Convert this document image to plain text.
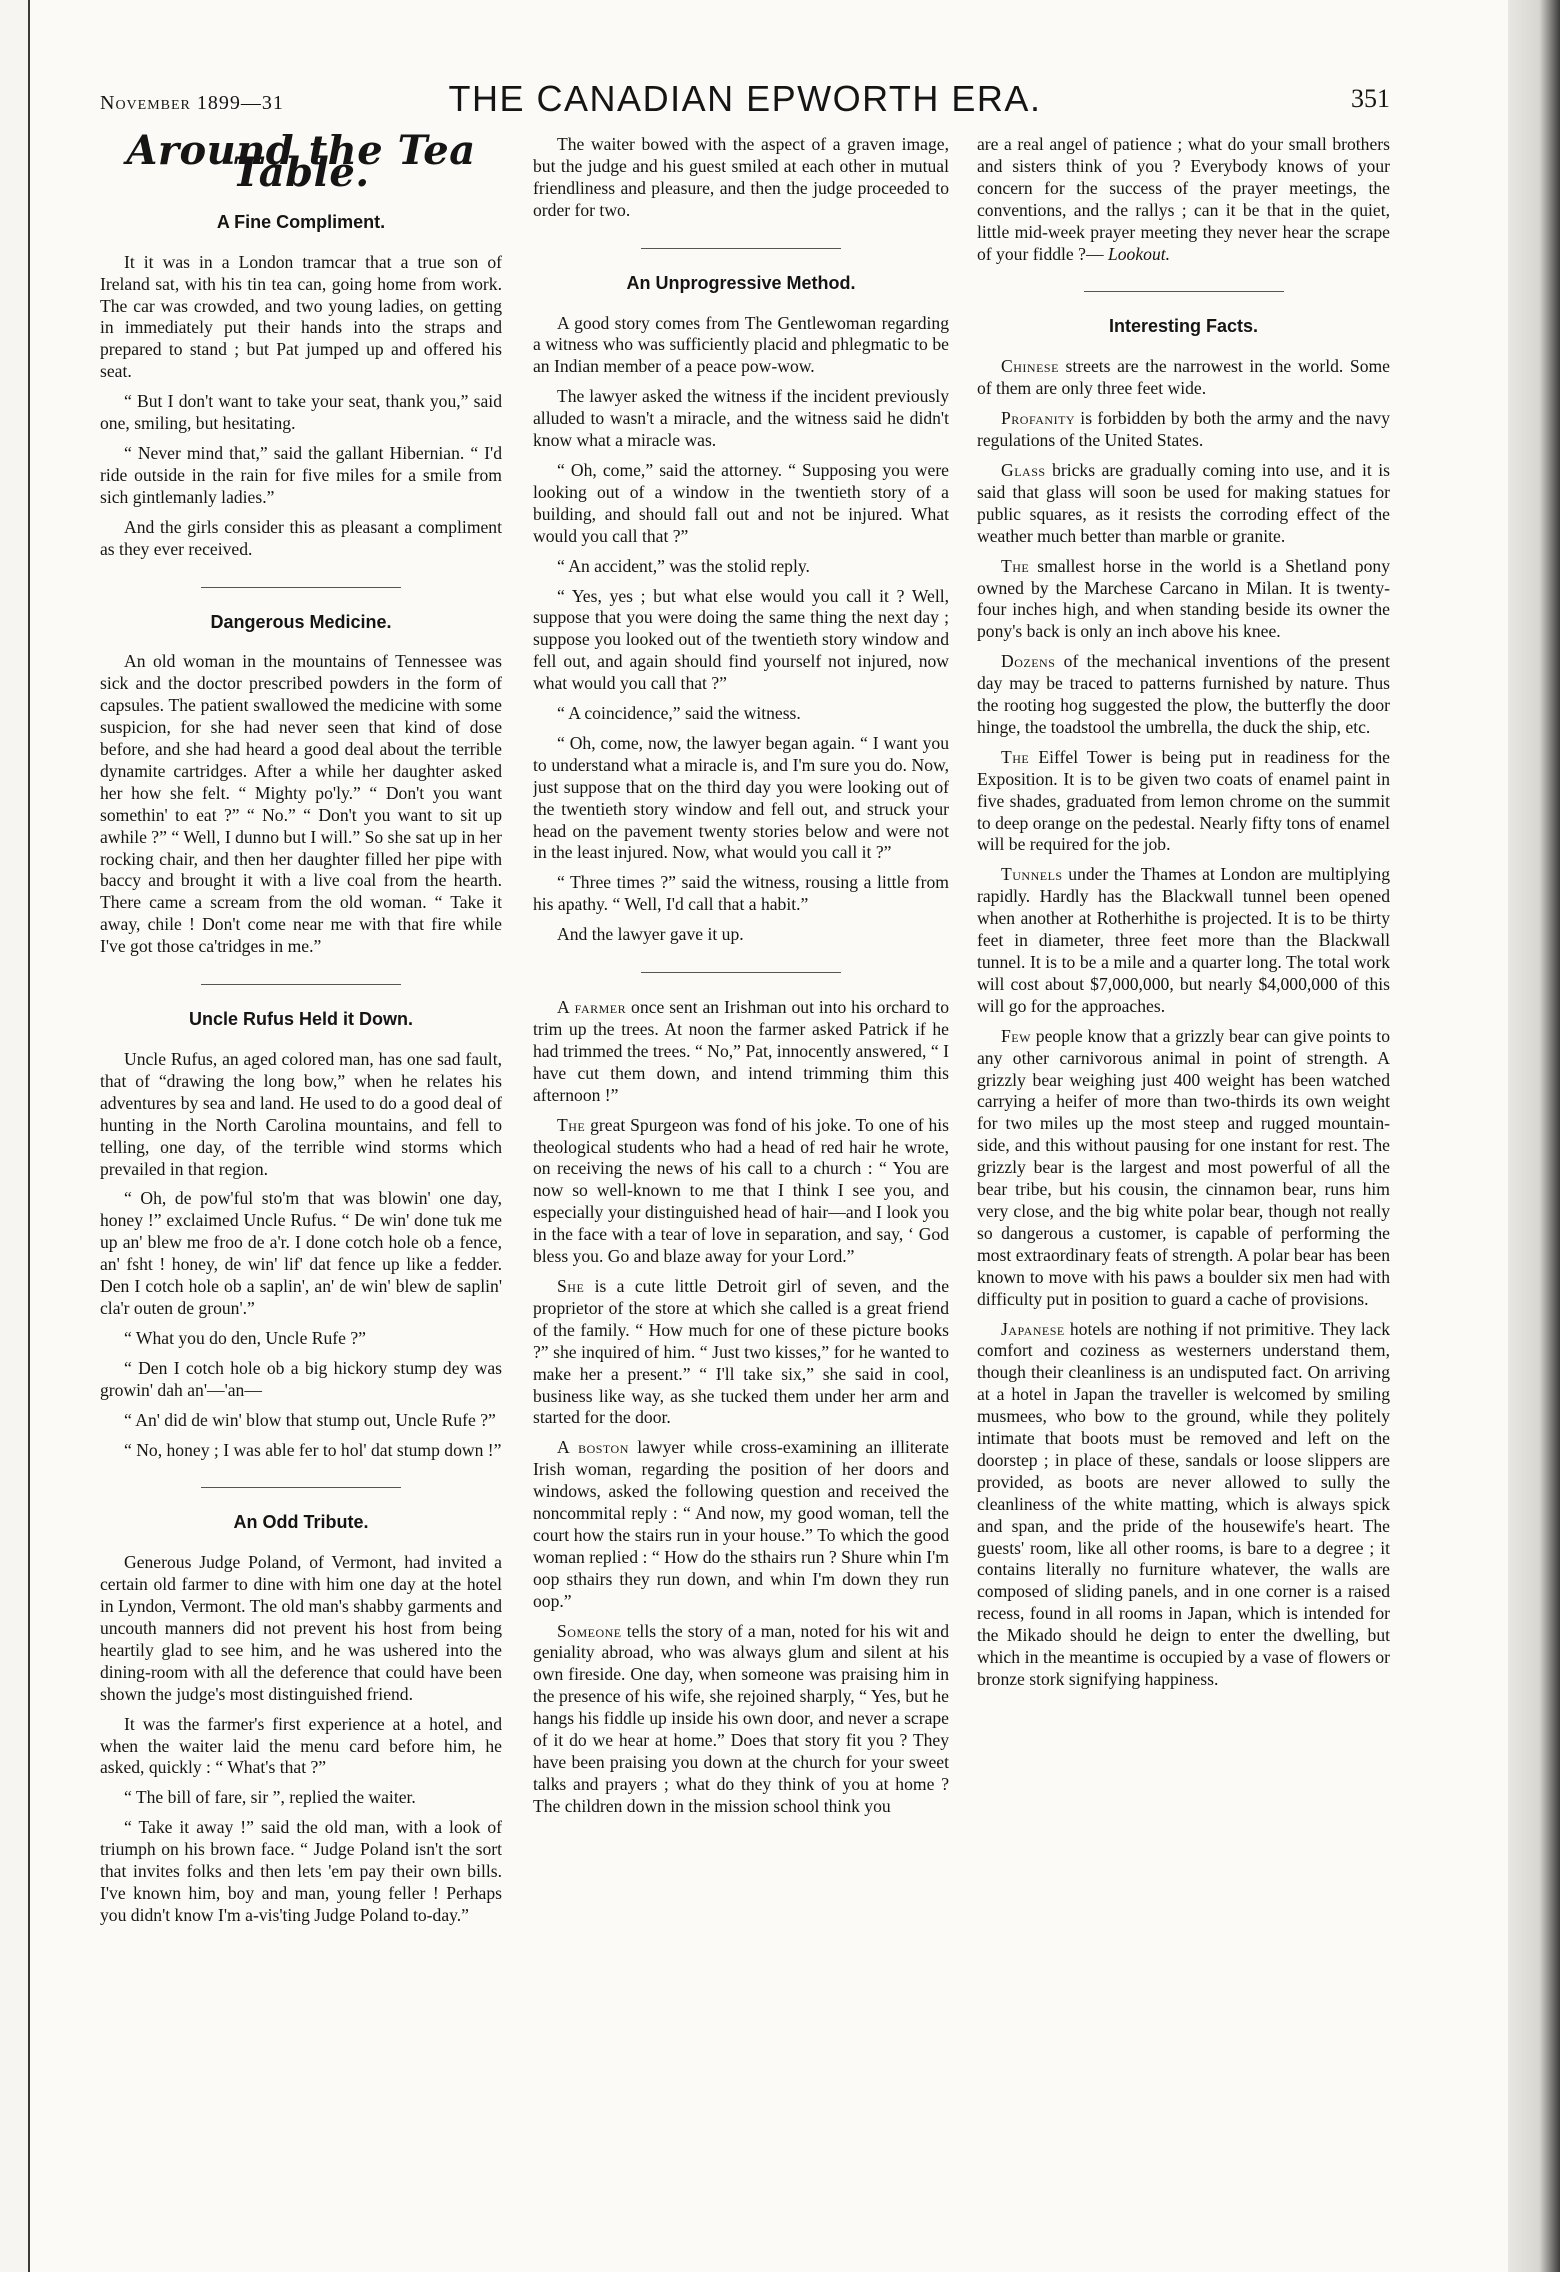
November 1899—31	THE CANADIAN EPWORTH ERA.	351
Around the Tea Table.
A Fine Compliment.

It it was in a London tramcar that a true son of Ireland sat, with his tin tea can, going home from work. The car was crowded, and two young ladies, on getting in immediately put their hands into the straps and prepared to stand ; but Pat jumped up and offered his seat.

“ But I don't want to take your seat, thank you,” said one, smiling, but hesitating.

“ Never mind that,” said the gallant Hibernian. “ I'd ride outside in the rain for five miles for a smile from sich gintlemanly ladies.”

And the girls consider this as pleasant a compliment as they ever received.

Dangerous Medicine.

An old woman in the mountains of Tennessee was sick and the doctor prescribed powders in the form of capsules. The patient swallowed the medicine with some suspicion, for she had never seen that kind of dose before, and she had heard a good deal about the terrible dynamite cartridges. After a while her daughter asked her how she felt. “ Mighty po'ly.” “ Don't you want somethin' to eat ?” “ No.” “ Don't you want to sit up awhile ?” “ Well, I dunno but I will.” So she sat up in her rocking chair, and then her daughter filled her pipe with baccy and brought it with a live coal from the hearth. There came a scream from the old woman. “ Take it away, chile ! Don't come near me with that fire while I've got those ca'tridges in me.”

Uncle Rufus Held it Down.

Uncle Rufus, an aged colored man, has one sad fault, that of “drawing the long bow,” when he relates his adventures by sea and land. He used to do a good deal of hunting in the North Carolina mountains, and fell to telling, one day, of the terrible wind storms which prevailed in that region.

“ Oh, de pow'ful sto'm that was blowin' one day, honey !” exclaimed Uncle Rufus. “ De win' done tuk me up an' blew me froo de a'r. I done cotch hole ob a fence, an' fsht ! honey, de win' lif' dat fence up like a fedder. Den I cotch hole ob a saplin', an' de win' blew de saplin' cla'r outen de groun'.”

“ What you do den, Uncle Rufe ?”

“ Den I cotch hole ob a big hickory stump dey was growin' dah an'—'an—

“ An' did de win' blow that stump out, Uncle Rufe ?”

“ No, honey ; I was able fer to hol' dat stump down !”

An Odd Tribute.

Generous Judge Poland, of Vermont, had invited a certain old farmer to dine with him one day at the hotel in Lyndon, Vermont. The old man's shabby garments and uncouth manners did not prevent his host from being heartily glad to see him, and he was ushered into the dining-room with all the deference that could have been shown the judge's most distinguished friend.

It was the farmer's first experience at a hotel, and when the waiter laid the menu card before him, he asked, quickly : “ What's that ?”

“ The bill of fare, sir ”, replied the waiter.

“ Take it away !” said the old man, with a look of triumph on his brown face. “ Judge Poland isn't the sort that invites folks and then lets 'em pay their own bills. I've known him, boy and man, young feller ! Perhaps you didn't know I'm a-vis'ting Judge Poland to-day.”

The waiter bowed with the aspect of a graven image, but the judge and his guest smiled at each other in mutual friendliness and pleasure, and then the judge proceeded to order for two.

An Unprogressive Method.

A good story comes from The Gentlewoman regarding a witness who was sufficiently placid and phlegmatic to be an Indian member of a peace pow-wow.

The lawyer asked the witness if the incident previously alluded to wasn't a miracle, and the witness said he didn't know what a miracle was.

“ Oh, come,” said the attorney. “ Supposing you were looking out of a window in the twentieth story of a building, and should fall out and not be injured. What would you call that ?”

“ An accident,” was the stolid reply.

“ Yes, yes ; but what else would you call it ? Well, suppose that you were doing the same thing the next day ; suppose you looked out of the twentieth story window and fell out, and again should find yourself not injured, now what would you call that ?”

“ A coincidence,” said the witness.

“ Oh, come, now, the lawyer began again. “ I want you to understand what a miracle is, and I'm sure you do. Now, just suppose that on the third day you were looking out of the twentieth story window and fell out, and struck your head on the pavement twenty stories below and were not in the least injured. Now, what would you call it ?”

“ Three times ?” said the witness, rousing a little from his apathy. “ Well, I'd call that a habit.”

And the lawyer gave it up.

A farmer once sent an Irishman out into his orchard to trim up the trees. At noon the farmer asked Patrick if he had trimmed the trees. “ No,” Pat, innocently answered, “ I have cut them down, and intend trimming thim this afternoon !”

The great Spurgeon was fond of his joke. To one of his theological students who had a head of red hair he wrote, on receiving the news of his call to a church : “ You are now so well-known to me that I think I see you, and especially your distinguished head of hair—and I look you in the face with a tear of love in separation, and say, ‘ God bless you. Go and blaze away for your Lord.”

She is a cute little Detroit girl of seven, and the proprietor of the store at which she called is a great friend of the family. “ How much for one of these picture books ?” she inquired of him. “ Just two kisses,” for he wanted to make her a present.” “ I'll take six,” she said in cool, business like way, as she tucked them under her arm and started for the door.

A boston lawyer while cross-examining an illiterate Irish woman, regarding the position of her doors and windows, asked the following question and received the noncommital reply : “ And now, my good woman, tell the court how the stairs run in your house.” To which the good woman replied : “ How do the sthairs run ? Shure whin I'm oop sthairs they run down, and whin I'm down they run oop.”

Someone tells the story of a man, noted for his wit and geniality abroad, who was always glum and silent at his own fireside. One day, when someone was praising him in the presence of his wife, she rejoined sharply, “ Yes, but he hangs his fiddle up inside his own door, and never a scrape of it do we hear at home.” Does that story fit you ? They have been praising you down at the church for your sweet talks and prayers ; what do they think of you at home ? The children down in the mission school think you

are a real angel of patience ; what do your small brothers and sisters think of you ? Everybody knows of your concern for the success of the prayer meetings, the conventions, and the rallys ; can it be that in the quiet, little mid-week prayer meeting they never hear the scrape of your fiddle ?— Lookout.

Interesting Facts.

Chinese streets are the narrowest in the world. Some of them are only three feet wide.

Profanity is forbidden by both the army and the navy regulations of the United States.

Glass bricks are gradually coming into use, and it is said that glass will soon be used for making statues for public squares, as it resists the corroding effect of the weather much better than marble or granite.

The smallest horse in the world is a Shetland pony owned by the Marchese Carcano in Milan. It is twenty-four inches high, and when standing beside its owner the pony's back is only an inch above his knee.

Dozens of the mechanical inventions of the present day may be traced to patterns furnished by nature. Thus the rooting hog suggested the plow, the butterfly the door hinge, the toadstool the umbrella, the duck the ship, etc.

The Eiffel Tower is being put in readiness for the Exposition. It is to be given two coats of enamel paint in five shades, graduated from lemon chrome on the summit to deep orange on the pedestal. Nearly fifty tons of enamel will be required for the job.

Tunnels under the Thames at London are multiplying rapidly. Hardly has the Blackwall tunnel been opened when another at Rotherhithe is projected. It is to be thirty feet in diameter, three feet more than the Blackwall tunnel. It is to be a mile and a quarter long. The total work will cost about $7,000,000, but nearly $4,000,000 of this will go for the approaches.

Few people know that a grizzly bear can give points to any other carnivorous animal in point of strength. A grizzly bear weighing just 400 weight has been watched carrying a heifer of more than two-thirds its own weight for two miles up the most steep and rugged mountain-side, and this without pausing for one instant for rest. The grizzly bear is the largest and most powerful of all the bear tribe, but his cousin, the cinnamon bear, runs him very close, and the big white polar bear, though not really so dangerous a customer, is capable of performing the most extraordinary feats of strength. A polar bear has been known to move with his paws a boulder six men had with difficulty put in position to guard a cache of provisions.

Japanese hotels are nothing if not primitive. They lack comfort and coziness as westerners understand them, though their cleanliness is an undisputed fact. On arriving at a hotel in Japan the traveller is welcomed by smiling musmees, who bow to the ground, while they politely intimate that boots must be removed and left on the doorstep ; in place of these, sandals or loose slippers are provided, as boots are never allowed to sully the cleanliness of the white matting, which is always spick and span, and the pride of the housewife's heart. The guests' room, like all other rooms, is bare to a degree ; it contains literally no furniture whatever, the walls are composed of sliding panels, and in one corner is a raised recess, found in all rooms in Japan, which is intended for the Mikado should he deign to enter the dwelling, but which in the meantime is occupied by a vase of flowers or bronze stork signifying happiness.
